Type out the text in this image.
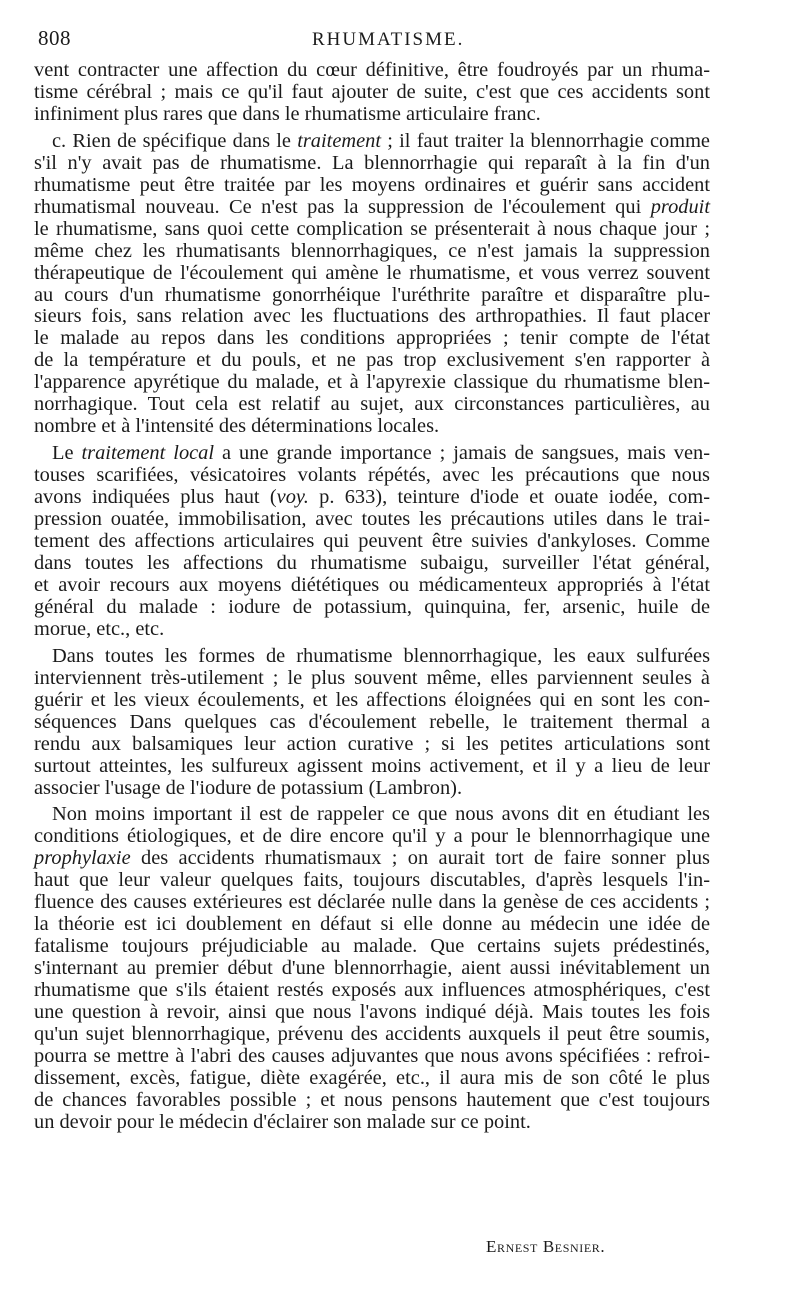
808	RHUMATISME.

vent contracter une affection du cœur définitive, être foudroyés par un rhuma-
tisme cérébral ; mais ce qu'il faut ajouter de suite, c'est que ces accidents sont
infiniment plus rares que dans le rhumatisme articulaire franc.

c. Rien de spécifique dans le traitement ; il faut traiter la blennorrhagie comme
s'il n'y avait pas de rhumatisme. La blennorrhagie qui reparaît à la fin d'un
rhumatisme peut être traitée par les moyens ordinaires et guérir sans accident
rhumatismal nouveau. Ce n'est pas la suppression de l'écoulement qui produit
le rhumatisme, sans quoi cette complication se présenterait à nous chaque jour ;
même chez les rhumatisants blennorrhagiques, ce n'est jamais la suppression
thérapeutique de l'écoulement qui amène le rhumatisme, et vous verrez souvent
au cours d'un rhumatisme gonorrhéique l'uréthrite paraître et disparaître plu-
sieurs fois, sans relation avec les fluctuations des arthropathies. Il faut placer
le malade au repos dans les conditions appropriées ; tenir compte de l'état
de la température et du pouls, et ne pas trop exclusivement s'en rapporter à
l'apparence apyrétique du malade, et à l'apyrexie classique du rhumatisme blen-
norrhagique. Tout cela est relatif au sujet, aux circonstances particulières, au
nombre et à l'intensité des déterminations locales.

Le traitement local a une grande importance ; jamais de sangsues, mais ven-
touses scarifiées, vésicatoires volants répétés, avec les précautions que nous
avons indiquées plus haut (voy. p. 633), teinture d'iode et ouate iodée, com-
pression ouatée, immobilisation, avec toutes les précautions utiles dans le trai-
tement des affections articulaires qui peuvent être suivies d'ankyloses. Comme
dans toutes les affections du rhumatisme subaigu, surveiller l'état général,
et avoir recours aux moyens diététiques ou médicamenteux appropriés à l'état
général du malade : iodure de potassium, quinquina, fer, arsenic, huile de
morue, etc., etc.

Dans toutes les formes de rhumatisme blennorrhagique, les eaux sulfurées
interviennent très-utilement ; le plus souvent même, elles parviennent seules à
guérir et les vieux écoulements, et les affections éloignées qui en sont les con-
séquences Dans quelques cas d'écoulement rebelle, le traitement thermal a
rendu aux balsamiques leur action curative ; si les petites articulations sont
surtout atteintes, les sulfureux agissent moins activement, et il y a lieu de leur
associer l'usage de l'iodure de potassium (Lambron).

Non moins important il est de rappeler ce que nous avons dit en étudiant les
conditions étiologiques, et de dire encore qu'il y a pour le blennorrhagique une
prophylaxie des accidents rhumatismaux ; on aurait tort de faire sonner plus
haut que leur valeur quelques faits, toujours discutables, d'après lesquels l'in-
fluence des causes extérieures est déclarée nulle dans la genèse de ces accidents ;
la théorie est ici doublement en défaut si elle donne au médecin une idée de
fatalisme toujours préjudiciable au malade. Que certains sujets prédestinés,
s'internant au premier début d'une blennorrhagie, aient aussi inévitablement un
rhumatisme que s'ils étaient restés exposés aux influences atmosphériques, c'est
une question à revoir, ainsi que nous l'avons indiqué déjà. Mais toutes les fois
qu'un sujet blennorrhagique, prévenu des accidents auxquels il peut être soumis,
pourra se mettre à l'abri des causes adjuvantes que nous avons spécifiées : refroi-
dissement, excès, fatigue, diète exagérée, etc., il aura mis de son côté le plus
de chances favorables possible ; et nous pensons hautement que c'est toujours
un devoir pour le médecin d'éclairer son malade sur ce point.

Ernest Besnier.
